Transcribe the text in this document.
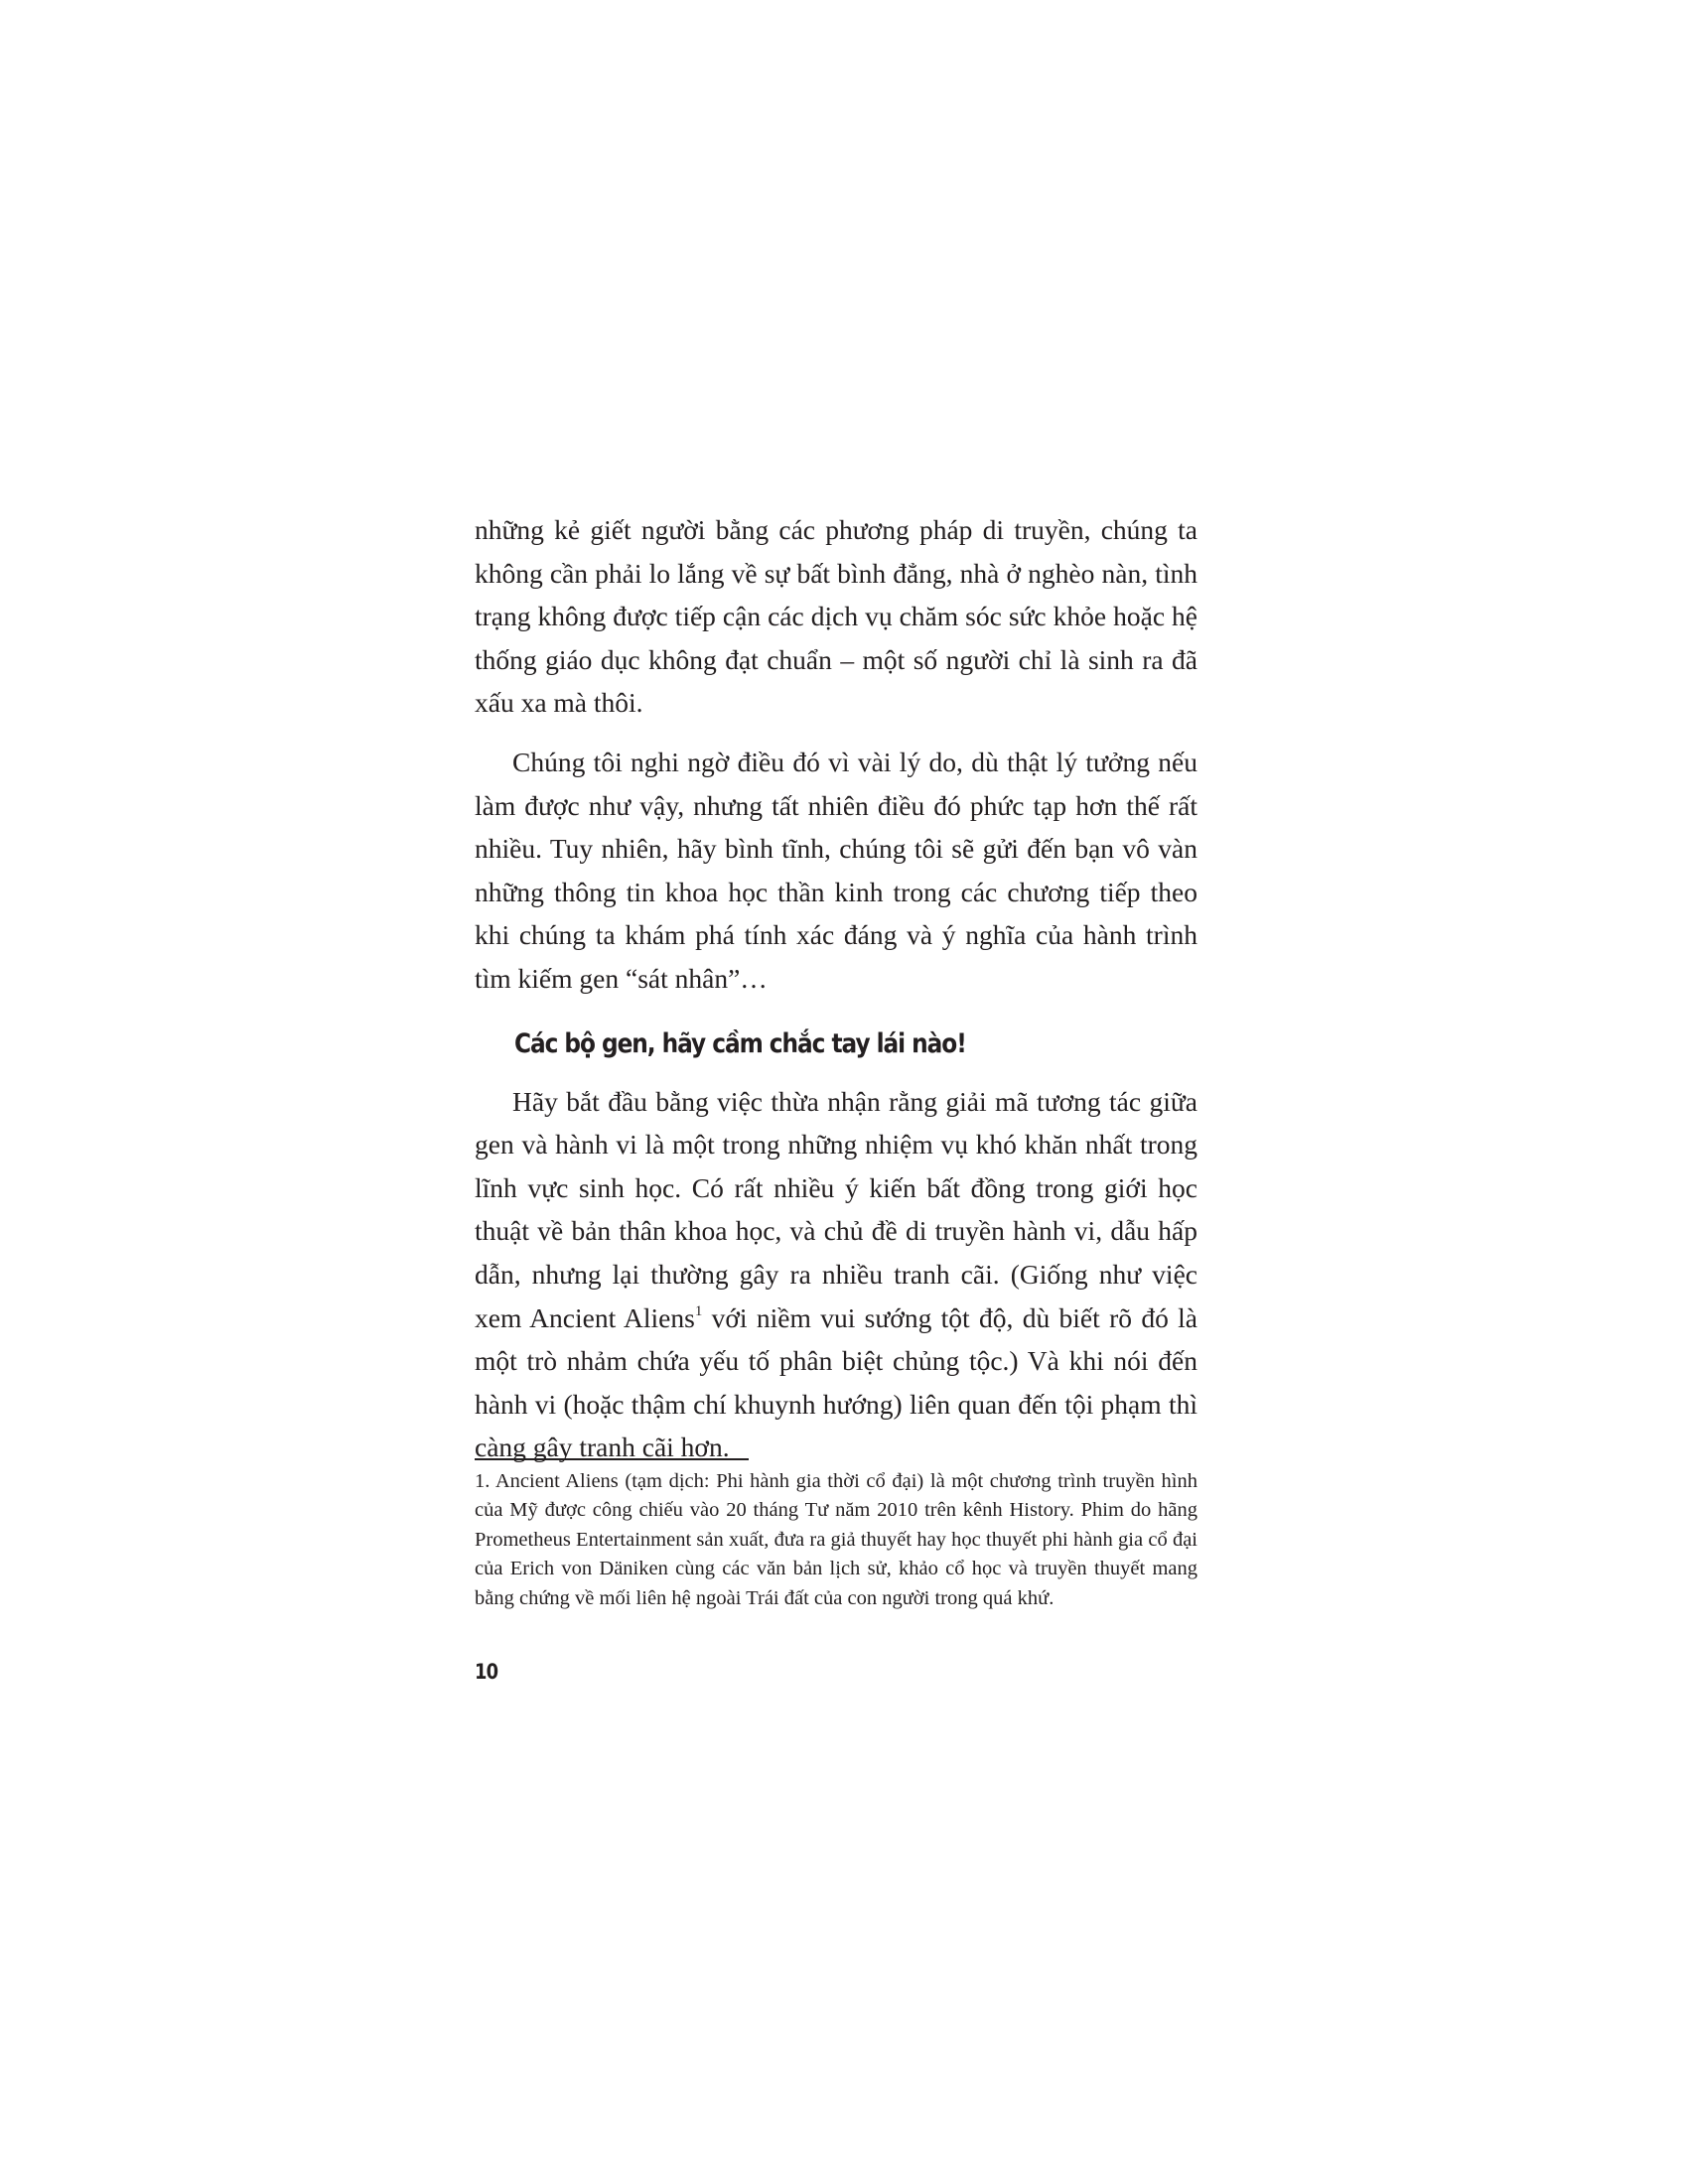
những kẻ giết người bằng các phương pháp di truyền, chúng ta không cần phải lo lắng về sự bất bình đẳng, nhà ở nghèo nàn, tình trạng không được tiếp cận các dịch vụ chăm sóc sức khỏe hoặc hệ thống giáo dục không đạt chuẩn – một số người chỉ là sinh ra đã xấu xa mà thôi.

Chúng tôi nghi ngờ điều đó vì vài lý do, dù thật lý tưởng nếu làm được như vậy, nhưng tất nhiên điều đó phức tạp hơn thế rất nhiều. Tuy nhiên, hãy bình tĩnh, chúng tôi sẽ gửi đến bạn vô vàn những thông tin khoa học thần kinh trong các chương tiếp theo khi chúng ta khám phá tính xác đáng và ý nghĩa của hành trình tìm kiếm gen “sát nhân”…

Các bộ gen, hãy cầm chắc tay lái nào!

Hãy bắt đầu bằng việc thừa nhận rằng giải mã tương tác giữa gen và hành vi là một trong những nhiệm vụ khó khăn nhất trong lĩnh vực sinh học. Có rất nhiều ý kiến bất đồng trong giới học thuật về bản thân khoa học, và chủ đề di truyền hành vi, dẫu hấp dẫn, nhưng lại thường gây ra nhiều tranh cãi. (Giống như việc xem Ancient Aliens$^1$ với niềm vui sướng tột độ, dù biết rõ đó là một trò nhảm chứa yếu tố phân biệt chủng tộc.) Và khi nói đến hành vi (hoặc thậm chí khuynh hướng) liên quan đến tội phạm thì càng gây tranh cãi hơn.

1. Ancient Aliens (tạm dịch: Phi hành gia thời cổ đại) là một chương trình truyền hình của Mỹ được công chiếu vào 20 tháng Tư năm 2010 trên kênh History. Phim do hãng Prometheus Entertainment sản xuất, đưa ra giả thuyết hay học thuyết phi hành gia cổ đại của Erich von Däniken cùng các văn bản lịch sử, khảo cổ học và truyền thuyết mang bằng chứng về mối liên hệ ngoài Trái đất của con người trong quá khứ.

10
